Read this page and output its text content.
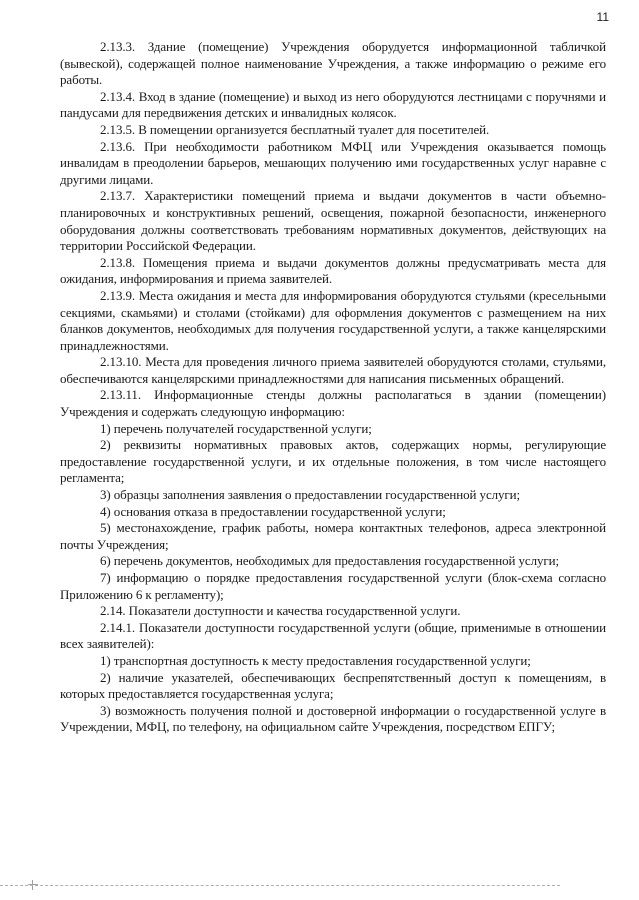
11

2.13.3. Здание (помещение) Учреждения оборудуется информационной табличкой (вывеской), содержащей полное наименование Учреждения, а также информацию о режиме его работы.

2.13.4. Вход в здание (помещение) и выход из него оборудуются лестницами с поручнями и пандусами для передвижения детских и инвалидных колясок.

2.13.5. В помещении организуется бесплатный туалет для посетителей.

2.13.6. При необходимости работником МФЦ или Учреждения оказывается помощь инвалидам в преодолении барьеров, мешающих получению ими государственных услуг наравне с другими лицами.

2.13.7. Характеристики помещений приема и выдачи документов в части объемно-планировочных и конструктивных решений, освещения, пожарной безопасности, инженерного оборудования должны соответствовать требованиям нормативных документов, действующих на территории Российской Федерации.

2.13.8. Помещения приема и выдачи документов должны предусматривать места для ожидания, информирования и приема заявителей.

2.13.9. Места ожидания и места для информирования оборудуются стульями (кресельными секциями, скамьями) и столами (стойками) для оформления документов с размещением на них бланков документов, необходимых для получения государственной услуги, а также канцелярскими принадлежностями.

2.13.10. Места для проведения личного приема заявителей оборудуются столами, стульями, обеспечиваются канцелярскими принадлежностями для написания письменных обращений.

2.13.11. Информационные стенды должны располагаться в здании (помещении) Учреждения и содержать следующую информацию:

1) перечень получателей государственной услуги;

2) реквизиты нормативных правовых актов, содержащих нормы, регулирующие предоставление государственной услуги, и их отдельные положения, в том числе настоящего регламента;

3) образцы заполнения заявления о предоставлении государственной услуги;

4) основания отказа в предоставлении государственной услуги;

5) местонахождение, график работы, номера контактных телефонов, адреса электронной почты Учреждения;

6) перечень документов, необходимых для предоставления государственной услуги;

7) информацию о порядке предоставления государственной услуги (блок-схема согласно Приложению 6 к регламенту);

2.14. Показатели доступности и качества государственной услуги.

2.14.1. Показатели доступности государственной услуги (общие, применимые в отношении всех заявителей):

1) транспортная доступность к месту предоставления государственной услуги;

2) наличие указателей, обеспечивающих беспрепятственный доступ к помещениям, в которых предоставляется государственная услуга;

3) возможность получения полной и достоверной информации о государственной услуге в Учреждении, МФЦ, по телефону, на официальном сайте Учреждения, посредством ЕПГУ;
